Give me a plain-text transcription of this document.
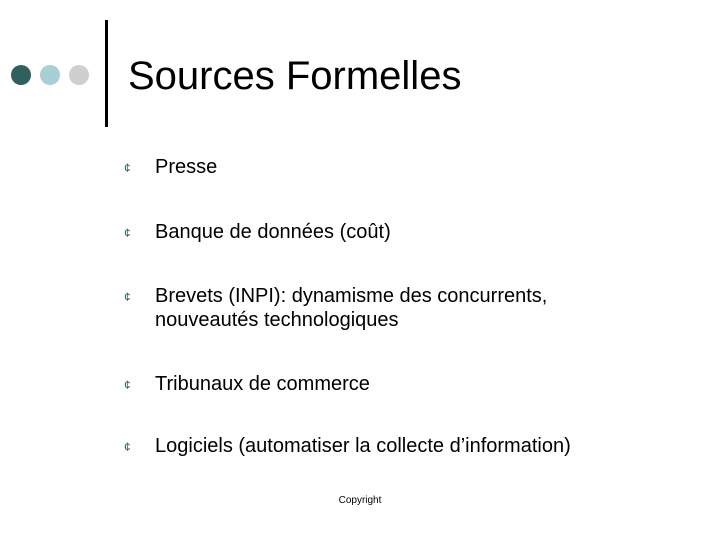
Sources Formelles
¢	Presse
¢	Banque de données (coût)
¢	Brevets (INPI): dynamisme des concurrents,
nouveautés technologiques
¢	Tribunaux de commerce
¢	Logiciels (automatiser la collecte d’information)
Copyright
